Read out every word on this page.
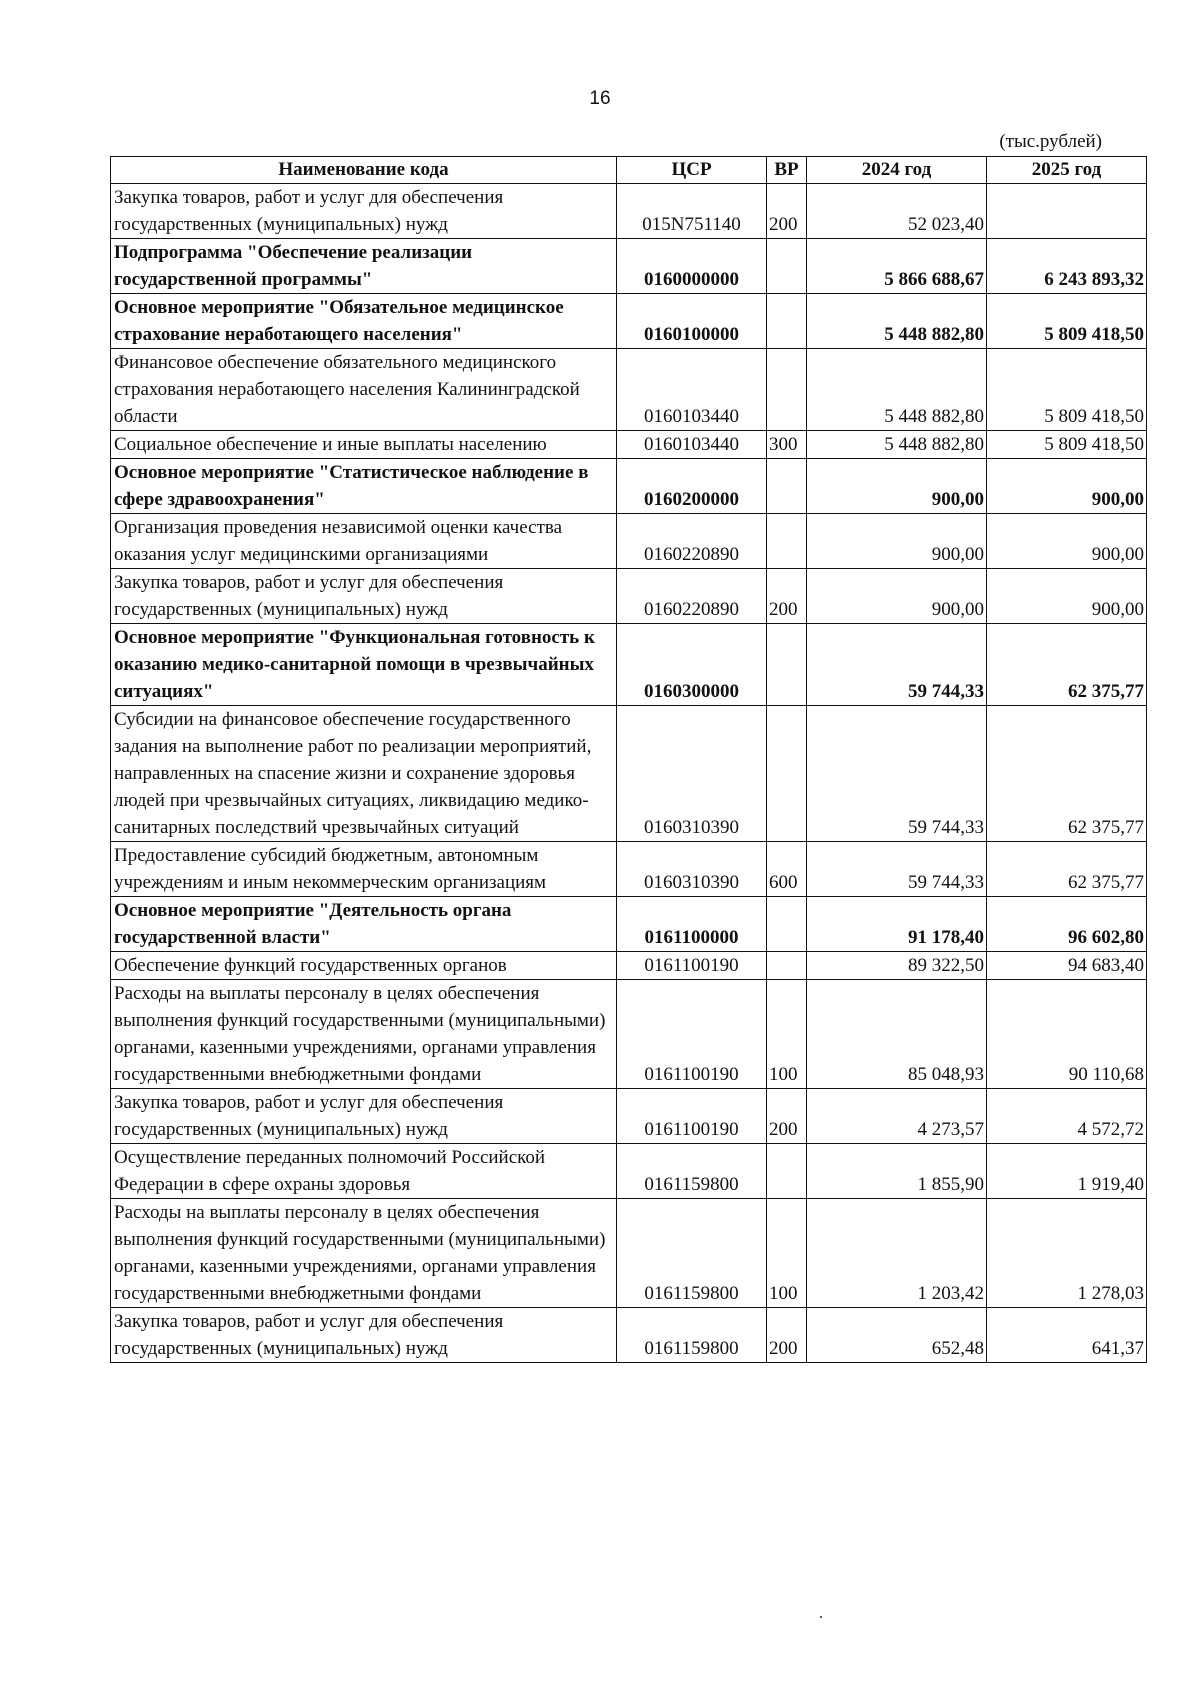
16
(тыс.рублей)
Наименование кода	ЦСР	ВР	2024 год	2025 год
Закупка товаров, работ и услуг для обеспечения государственных (муниципальных) нужд	015N751140	200	52 023,40	
Подпрограмма "Обеспечение реализации государственной программы"	0160000000		5 866 688,67	6 243 893,32
Основное мероприятие "Обязательное медицинское страхование неработающего населения"	0160100000		5 448 882,80	5 809 418,50
Финансовое обеспечение обязательного медицинского страхования неработающего населения Калининградской области	0160103440		5 448 882,80	5 809 418,50
Социальное обеспечение и иные выплаты населению	0160103440	300	5 448 882,80	5 809 418,50
Основное мероприятие "Статистическое наблюдение в сфере здравоохранения"	0160200000		900,00	900,00
Организация проведения независимой оценки качества оказания услуг медицинскими организациями	0160220890		900,00	900,00
Закупка товаров, работ и услуг для обеспечения государственных (муниципальных) нужд	0160220890	200	900,00	900,00
Основное мероприятие "Функциональная готовность к оказанию медико-санитарной помощи в чрезвычайных ситуациях"	0160300000		59 744,33	62 375,77
Субсидии на финансовое обеспечение государственного задания на выполнение работ по реализации мероприятий, направленных на спасение жизни и сохранение здоровья людей при чрезвычайных ситуациях, ликвидацию медико-санитарных последствий чрезвычайных ситуаций	0160310390		59 744,33	62 375,77
Предоставление субсидий бюджетным, автономным учреждениям и иным некоммерческим организациям	0160310390	600	59 744,33	62 375,77
Основное мероприятие "Деятельность органа государственной власти"	0161100000		91 178,40	96 602,80
Обеспечение функций государственных органов	0161100190		89 322,50	94 683,40
Расходы на выплаты персоналу в целях обеспечения выполнения функций государственными (муниципальными) органами, казенными учреждениями, органами управления государственными внебюджетными фондами	0161100190	100	85 048,93	90 110,68
Закупка товаров, работ и услуг для обеспечения государственных (муниципальных) нужд	0161100190	200	4 273,57	4 572,72
Осуществление переданных полномочий Российской Федерации в сфере охраны здоровья	0161159800		1 855,90	1 919,40
Расходы на выплаты персоналу в целях обеспечения выполнения функций государственными (муниципальными) органами, казенными учреждениями, органами управления государственными внебюджетными фондами	0161159800	100	1 203,42	1 278,03
Закупка товаров, работ и услуг для обеспечения государственных (муниципальных) нужд	0161159800	200	652,48	641,37
